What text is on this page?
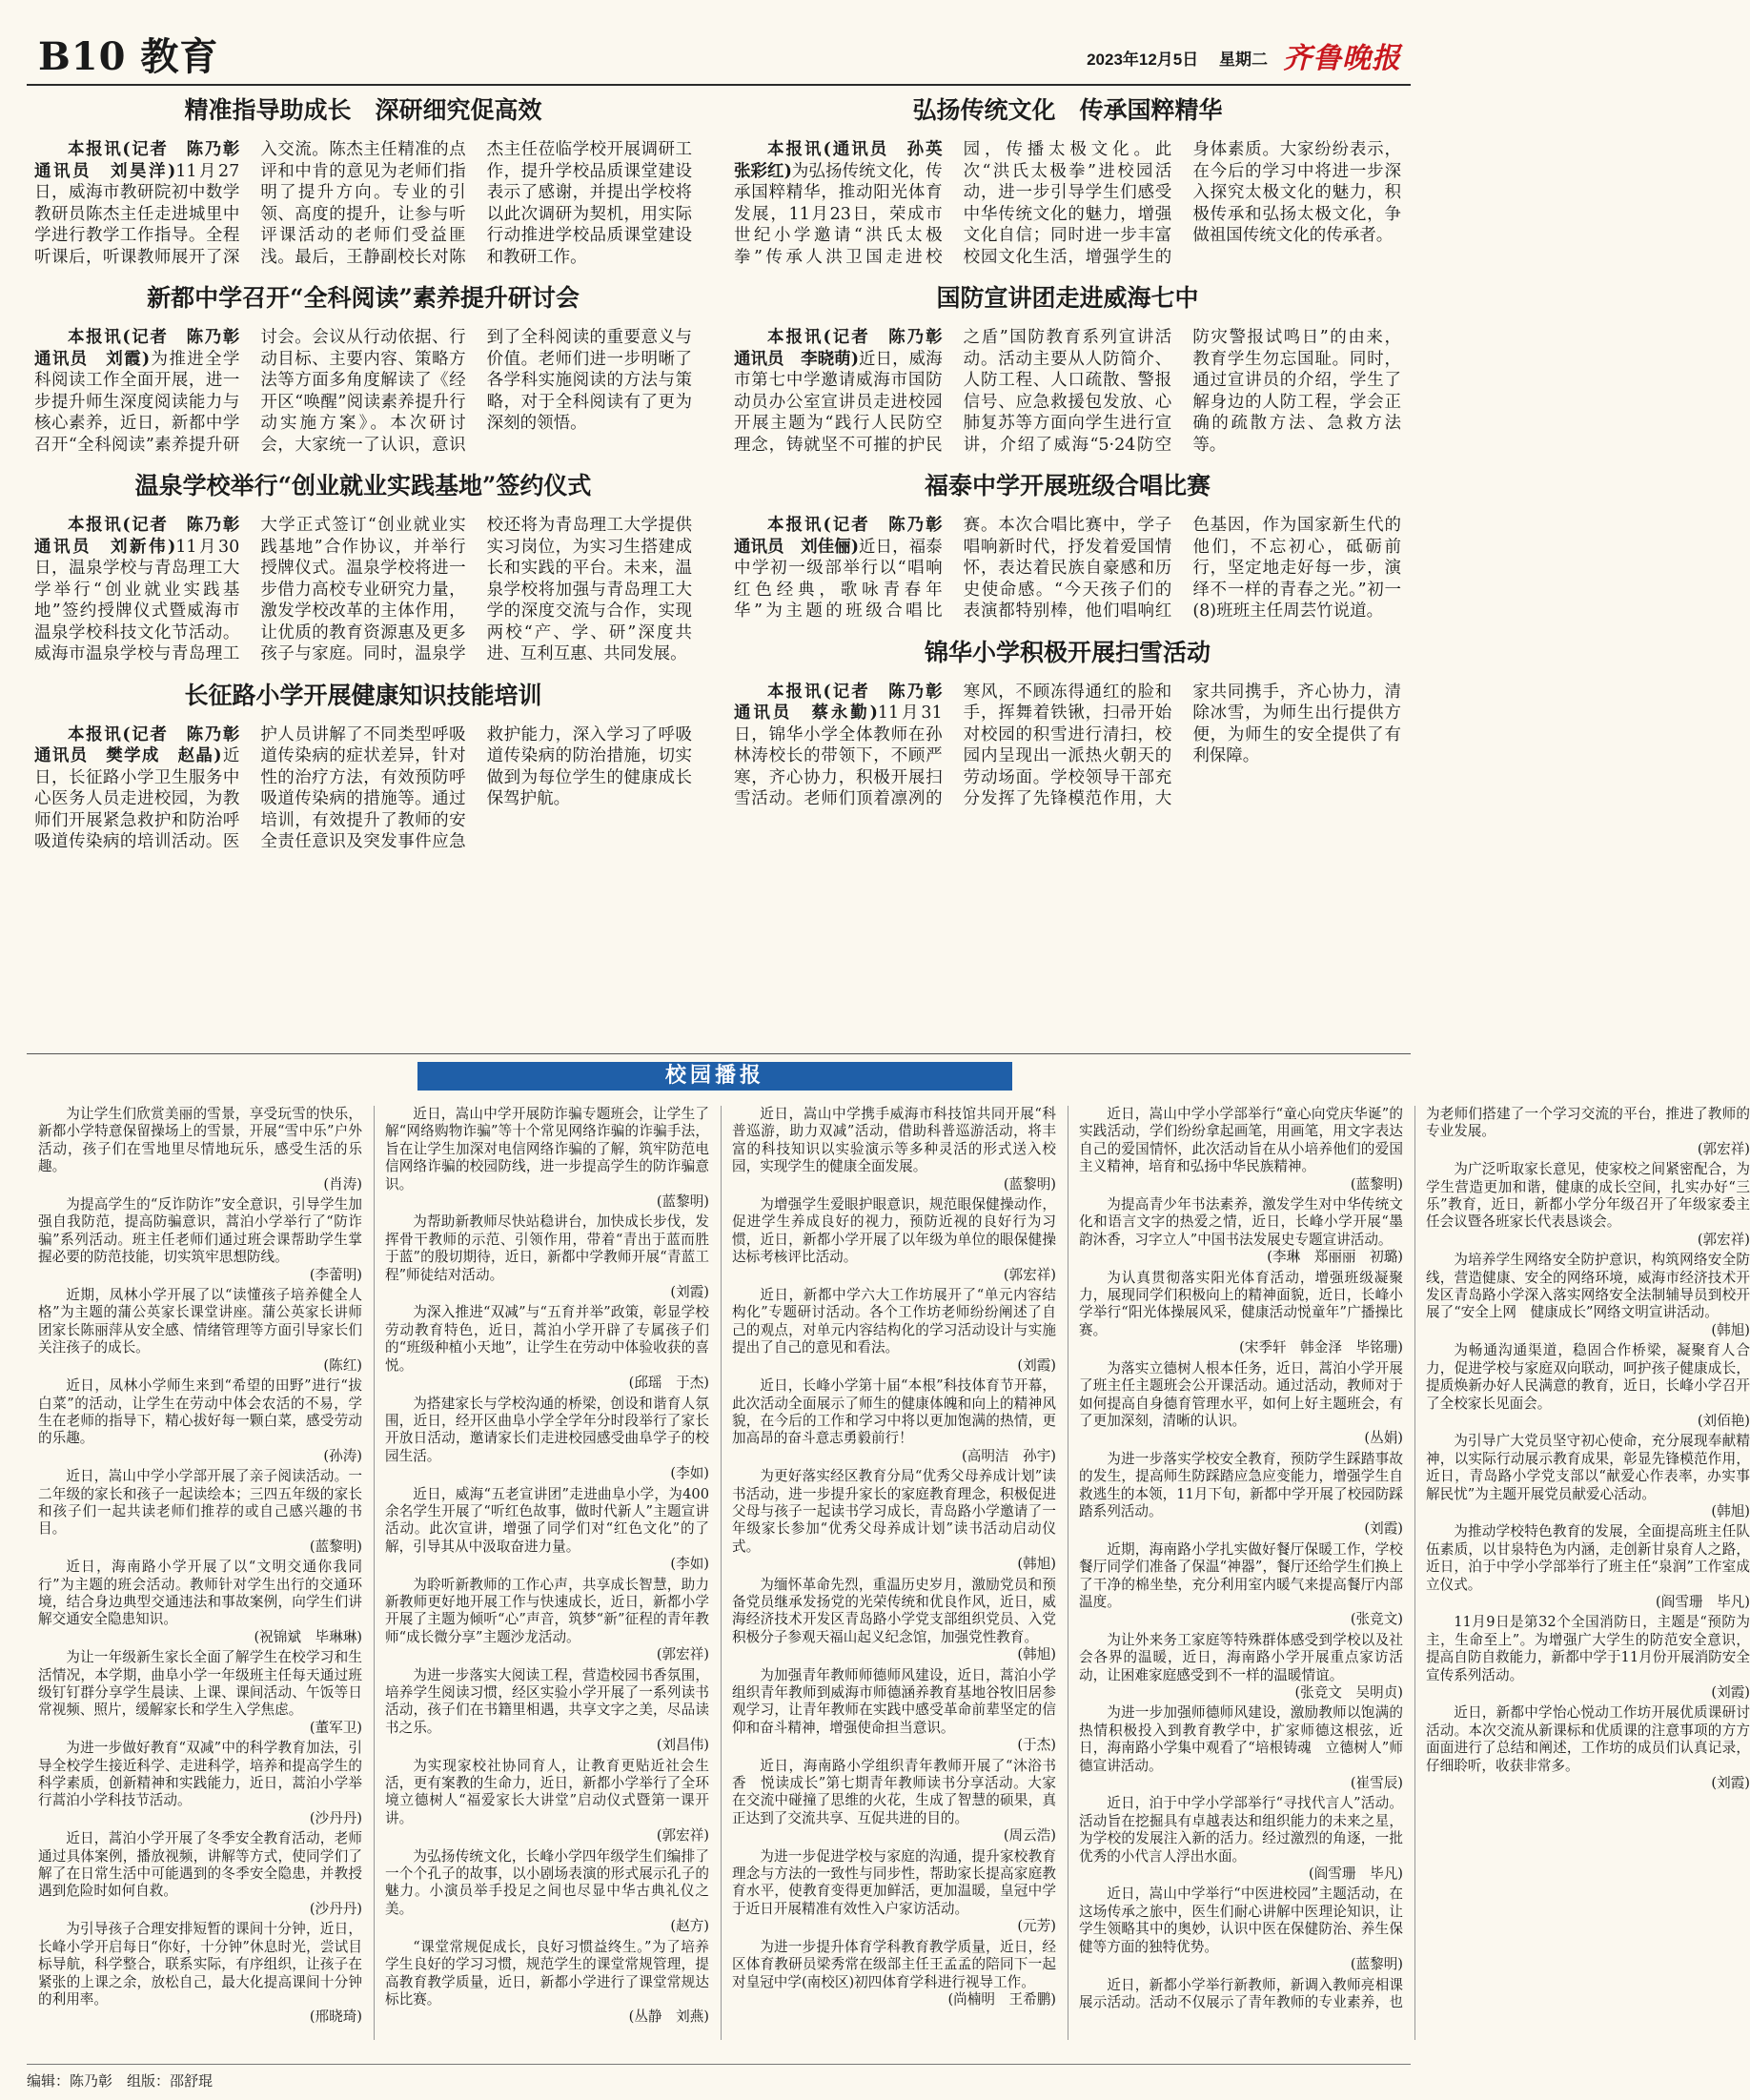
B10 教育	2023年12月5日　 星期二 齐鲁晚报
精准指导助成长　深研细究促高效

本报讯(记者　陈乃彰　通讯员　刘昊洋)11月27日，威海市教研院初中数学教研员陈杰主任走进城里中学进行教学工作指导。全程听课后，听课教师展开了深入交流。陈杰主任精准的点评和中肯的意见为老师们指明了提升方向。专业的引领、高度的提升，让参与听评课活动的老师们受益匪浅。最后，王静副校长对陈杰主任莅临学校开展调研工作，提升学校品质课堂建设表示了感谢，并提出学校将以此次调研为契机，用实际行动推进学校品质课堂建设和教研工作。

新都中学召开“全科阅读”素养提升研讨会

本报讯(记者　陈乃彰　通讯员　刘霞)为推进全学科阅读工作全面开展，进一步提升师生深度阅读能力与核心素养，近日，新都中学召开“全科阅读”素养提升研讨会。会议从行动依据、行动目标、主要内容、策略方法等方面多角度解读了《经开区“唤醒”阅读素养提升行动实施方案》。本次研讨会，大家统一了认识，意识到了全科阅读的重要意义与价值。老师们进一步明晰了各学科实施阅读的方法与策略，对于全科阅读有了更为深刻的领悟。

温泉学校举行“创业就业实践基地”签约仪式

本报讯(记者　陈乃彰　通讯员　刘新伟)11月30日，温泉学校与青岛理工大学举行“创业就业实践基地”签约授牌仪式暨威海市温泉学校科技文化节活动。威海市温泉学校与青岛理工大学正式签订“创业就业实践基地”合作协议，并举行授牌仪式。温泉学校将进一步借力高校专业研究力量，激发学校改革的主体作用，让优质的教育资源惠及更多孩子与家庭。同时，温泉学校还将为青岛理工大学提供实习岗位，为实习生搭建成长和实践的平台。未来，温泉学校将加强与青岛理工大学的深度交流与合作，实现两校“产、学、研”深度共进、互利互惠、共同发展。

长征路小学开展健康知识技能培训

本报讯(记者　陈乃彰　通讯员　樊学成　赵晶)近日，长征路小学卫生服务中心医务人员走进校园，为教师们开展紧急救护和防治呼吸道传染病的培训活动。医护人员讲解了不同类型呼吸道传染病的症状差异，针对性的治疗方法，有效预防呼吸道传染病的措施等。通过培训，有效提升了教师的安全责任意识及突发事件应急救护能力，深入学习了呼吸道传染病的防治措施，切实做到为每位学生的健康成长保驾护航。

弘扬传统文化　传承国粹精华

本报讯(通讯员　孙英　张彩红)为弘扬传统文化，传承国粹精华，推动阳光体育发展，11月23日，荣成市世纪小学邀请“洪氏太极拳”传承人洪卫国走进校园，传播太极文化。此次“洪氏太极拳”进校园活动，进一步引导学生们感受中华传统文化的魅力，增强文化自信；同时进一步丰富校园文化生活，增强学生的身体素质。大家纷纷表示，在今后的学习中将进一步深入探究太极文化的魅力，积极传承和弘扬太极文化，争做祖国传统文化的传承者。

国防宣讲团走进威海七中

本报讯(记者　陈乃彰　通讯员　李晓萌)近日，威海市第七中学邀请威海市国防动员办公室宣讲员走进校园开展主题为“践行人民防空理念，铸就坚不可摧的护民之盾”国防教育系列宣讲活动。活动主要从人防简介、人防工程、人口疏散、警报信号、应急救援包发放、心肺复苏等方面向学生进行宣讲，介绍了威海“5·24防空防灾警报试鸣日”的由来，教育学生勿忘国耻。同时，通过宣讲员的介绍，学生了解身边的人防工程，学会正确的疏散方法、急救方法等。

福泰中学开展班级合唱比赛

本报讯(记者　陈乃彰　通讯员　刘佳俪)近日，福泰中学初一级部举行以“唱响红色经典，歌咏青春年华”为主题的班级合唱比赛。本次合唱比赛中，学子唱响新时代，抒发着爱国情怀，表达着民族自豪感和历史使命感。“今天孩子们的表演都特别棒，他们唱响红色基因，作为国家新生代的他们，不忘初心，砥砺前行，坚定地走好每一步，演绎不一样的青春之光。”初一(8)班班主任周芸竹说道。

锦华小学积极开展扫雪活动

本报讯(记者　陈乃彰　通讯员　蔡永勤)11月31日，锦华小学全体教师在孙林涛校长的带领下，不顾严寒，齐心协力，积极开展扫雪活动。老师们顶着凛冽的寒风，不顾冻得通红的脸和手，挥舞着铁锹，扫帚开始对校园的积雪进行清扫，校园内呈现出一派热火朝天的劳动场面。学校领导干部充分发挥了先锋模范作用，大家共同携手，齐心协力，清除冰雪，为师生出行提供方便，为师生的安全提供了有利保障。

校园播报

为让学生们欣赏美丽的雪景，享受玩雪的快乐，新都小学特意保留操场上的雪景，开展“雪中乐”户外活动，孩子们在雪地里尽情地玩乐，感受生活的乐趣。
(肖涛)

为提高学生的“反诈防诈”安全意识，引导学生加强自我防范，提高防骗意识，蒿泊小学举行了“防诈骗”系列活动。班主任老师们通过班会课帮助学生掌握必要的防范技能，切实筑牢思想防线。
(李蕾明)

近期，凤林小学开展了以“读懂孩子培养健全人格”为主题的蒲公英家长课堂讲座。蒲公英家长讲师团家长陈丽萍从安全感、情绪管理等方面引导家长们关注孩子的成长。
(陈红)

近日，凤林小学师生来到“希望的田野”进行“拔白菜”的活动，让学生在劳动中体会农活的不易，学生在老师的指导下，精心拔好每一颗白菜，感受劳动的乐趣。
(孙涛)

近日，嵩山中学小学部开展了亲子阅读活动。一二年级的家长和孩子一起读绘本；三四五年级的家长和孩子们一起共读老师们推荐的或自己感兴趣的书目。
(蓝黎明)

近日，海南路小学开展了以“文明交通你我同行”为主题的班会活动。教师针对学生出行的交通环境，结合身边典型交通违法和事故案例，向学生们讲解交通安全隐患知识。
(祝锦斌　毕琳琳)

为让一年级新生家长全面了解学生在校学习和生活情况，本学期，曲阜小学一年级班主任每天通过班级钉钉群分享学生晨读、上课、课间活动、午饭等日常视频、照片，缓解家长和学生入学焦虑。
(董军卫)

为进一步做好教育“双减”中的科学教育加法，引导全校学生接近科学、走进科学，培养和提高学生的科学素质，创新精神和实践能力，近日，蒿泊小学举行蒿泊小学科技节活动。
(沙丹丹)

近日，蒿泊小学开展了冬季安全教育活动，老师通过具体案例，播放视频，讲解等方式，使同学们了解了在日常生活中可能遇到的冬季安全隐患，并教授遇到危险时如何自救。
(沙丹丹)

为引导孩子合理安排短暂的课间十分钟，近日，长峰小学开启每日“你好，十分钟”休息时光，尝试目标导航，科学整合，联系实际，有序组织，让孩子在紧张的上课之余，放松自己，最大化提高课间十分钟的利用率。
(邢晓琦)

近日，嵩山中学开展防诈骗专题班会，让学生了解“网络购物诈骗”等十个常见网络诈骗的诈骗手法，旨在让学生加深对电信网络诈骗的了解，筑牢防范电信网络诈骗的校园防线，进一步提高学生的防诈骗意识。
(蓝黎明)

为帮助新教师尽快站稳讲台，加快成长步伐，发挥骨干教师的示范、引领作用，带着“青出于蓝而胜于蓝”的殷切期待，近日，新都中学教师开展“青蓝工程”师徒结对活动。
(刘霞)

为深入推进“双减”与“五育并举”政策，彰显学校劳动教育特色，近日，蒿泊小学开辟了专属孩子们的“班级种植小天地”，让学生在劳动中体验收获的喜悦。
(邱瑶　于杰)

为搭建家长与学校沟通的桥梁，创设和谐育人氛围，近日，经开区曲阜小学全学年分时段举行了家长开放日活动，邀请家长们走进校园感受曲阜学子的校园生活。
(李如)

近日，威海“五老宣讲团”走进曲阜小学，为400余名学生开展了“听红色故事，做时代新人”主题宣讲活动。此次宣讲，增强了同学们对“红色文化”的了解，引导其从中汲取奋进力量。
(李如)

为聆听新教师的工作心声，共享成长智慧，助力新教师更好地开展工作与快速成长，近日，新都小学开展了主题为倾听“心”声音，筑梦“新”征程的青年教师“成长微分享”主题沙龙活动。
(郭宏祥)

为进一步落实大阅读工程，营造校园书香氛围，培养学生阅读习惯，经区实验小学开展了一系列读书活动，孩子们在书籍里相遇，共享文字之美，尽品读书之乐。
(刘昌伟)

为实现家校社协同育人，让教育更贴近社会生活，更有案教的生命力，近日，新都小学举行了全环境立德树人“福爱家长大讲堂”启动仪式暨第一课开讲。
(郭宏祥)

为弘扬传统文化，长峰小学四年级学生们编排了一个个孔子的故事，以小剧场表演的形式展示孔子的魅力。小演员举手投足之间也尽显中华古典礼仪之美。
(赵方)

“课堂常规促成长，良好习惯益终生。”为了培养学生良好的学习习惯，规范学生的课堂常规管理，提高教育教学质量，近日，新都小学进行了课堂常规达标比赛。
(丛静　刘燕)

近日，嵩山中学携手威海市科技馆共同开展“科普巡游，助力双减”活动，借助科普巡游活动，将丰富的科技知识以实验演示等多种灵活的形式送入校园，实现学生的健康全面发展。
(蓝黎明)

为增强学生爱眼护眼意识，规范眼保健操动作，促进学生养成良好的视力，预防近视的良好行为习惯，近日，新都小学开展了以年级为单位的眼保健操达标考核评比活动。
(郭宏祥)

近日，新都中学六大工作坊展开了“单元内容结构化”专题研讨活动。各个工作坊老师纷纷阐述了自己的观点，对单元内容结构化的学习活动设计与实施提出了自己的意见和看法。
(刘霞)

近日，长峰小学第十届“本根”科技体育节开幕，此次活动全面展示了师生的健康体魄和向上的精神风貌，在今后的工作和学习中将以更加饱满的热情，更加高昂的奋斗意志勇毅前行！
(高明洁　孙宇)

为更好落实经区教育分局“优秀父母养成计划”读书活动，进一步提升家长的家庭教育理念，积极促进父母与孩子一起读书学习成长，青岛路小学邀请了一年级家长参加“优秀父母养成计划”读书活动启动仪式。
(韩旭)

为缅怀革命先烈，重温历史岁月，激励党员和预备党员继承发扬党的光荣传统和优良作风，近日，威海经济技术开发区青岛路小学党支部组织党员、入党积极分子参观天福山起义纪念馆，加强党性教育。
(韩旭)

为加强青年教师师德师风建设，近日，蒿泊小学组织青年教师到威海市师德涵养教育基地谷牧旧居参观学习，让青年教师在实践中感受革命前辈坚定的信仰和奋斗精神，增强使命担当意识。
(于杰)

近日，海南路小学组织青年教师开展了“沐浴书香　悦读成长”第七期青年教师读书分享活动。大家在交流中碰撞了思维的火花，生成了智慧的硕果，真正达到了交流共享、互促共进的目的。
(周云浩)

为进一步促进学校与家庭的沟通，提升家校教育理念与方法的一致性与同步性，帮助家长提高家庭教育水平，使教育变得更加鲜活，更加温暖，皇冠中学于近日开展精准有效性入户家访活动。
(元芳)

为进一步提升体育学科教育教学质量，近日，经区体育教研员梁秀常在级部主任王孟孟的陪同下一起对皇冠中学(南校区)初四体育学科进行视导工作。
(尚楠明　王希鹏)

近日，嵩山中学小学部举行“童心向党庆华诞”的实践活动，学们纷纷拿起画笔，用画笔，用文字表达自己的爱国情怀，此次活动旨在从小培养他们的爱国主义精神，培育和弘扬中华民族精神。
(蓝黎明)

为提高青少年书法素养，激发学生对中华传统文化和语言文字的热爱之情，近日，长峰小学开展“墨韵沐香，习字立人”中国书法发展史专题宣讲活动。
(李琳　郑丽丽　初璐)

为认真贯彻落实阳光体育活动，增强班级凝聚力，展现同学们积极向上的精神面貌，近日，长峰小学举行“阳光体操展风采，健康活动悦童年”广播操比赛。
(宋季轩　韩金泽　毕铭珊)

为落实立德树人根本任务，近日，蒿泊小学开展了班主任主题班会公开课活动。通过活动，教师对于如何提高自身德育管理水平，如何上好主题班会，有了更加深刻，清晰的认识。
(丛娟)

为进一步落实学校安全教育，预防学生踩踏事故的发生，提高师生防踩踏应急应变能力，增强学生自救逃生的本领，11月下旬，新都中学开展了校园防踩踏系列活动。
(刘霞)

近期，海南路小学扎实做好餐厅保暖工作，学校餐厅同学们准备了保温“神器”，餐厅还给学生们换上了干净的棉坐垫，充分利用室内暖气来提高餐厅内部温度。
(张竞文)

为让外来务工家庭等特殊群体感受到学校以及社会各界的温暖，近日，海南路小学开展重点家访活动，让困难家庭感受到不一样的温暖情谊。
(张竞文　吴明贞)

为进一步加强师德师风建设，激励教师以饱满的热情积极投入到教育教学中，扩家师德这根弦，近日，海南路小学集中观看了“培根铸魂　立德树人”师德宣讲活动。
(崔雪辰)

近日，泊于中学小学部举行“寻找代言人”活动。活动旨在挖掘具有卓越表达和组织能力的未来之星，为学校的发展注入新的活力。经过激烈的角逐，一批优秀的小代言人浮出水面。
(阎雪珊　毕凡)

近日，嵩山中学举行“中医进校园”主题活动，在这场传承之旅中，医生们耐心讲解中医理论知识，让学生领略其中的奥妙，认识中医在保健防治、养生保健等方面的独特优势。
(蓝黎明)

近日，新都小学举行新教师，新调入教师亮相课展示活动。活动不仅展示了青年教师的专业素养，也为老师们搭建了一个学习交流的平台，推进了教师的专业发展。
(郭宏祥)

为广泛听取家长意见，使家校之间紧密配合，为学生营造更加和谐，健康的成长空间，扎实办好“三乐”教育，近日，新都小学分年级召开了年级家委主任会议暨各班家长代表恳谈会。
(郭宏祥)

为培养学生网络安全防护意识，构筑网络安全防线，营造健康、安全的网络环境，威海市经济技术开发区青岛路小学深入落实网络安全法制辅导员到校开展了“安全上网　健康成长”网络文明宣讲活动。
(韩旭)

为畅通沟通渠道，稳固合作桥梁，凝聚育人合力，促进学校与家庭双向联动，呵护孩子健康成长，提质焕新办好人民满意的教育，近日，长峰小学召开了全校家长见面会。
(刘佰艳)

为引导广大党员坚守初心使命，充分展现奉献精神，以实际行动展示教育成果，彰显先锋模范作用，近日，青岛路小学党支部以“献爱心作表率，办实事解民忧”为主题开展党员献爱心活动。
(韩旭)

为推动学校特色教育的发展，全面提高班主任队伍素质，以甘泉特色为内涵，走创新甘泉育人之路，近日，泊于中学小学部举行了班主任“泉润”工作室成立仪式。
(阎雪珊　毕凡)

11月9日是第32个全国消防日，主题是“预防为主，生命至上”。为增强广大学生的防范安全意识，提高自防自救能力，新都中学于11月份开展消防安全宣传系列活动。
(刘霞)

近日，新都中学怡心悦动工作坊开展优质课研讨活动。本次交流从新课标和优质课的注意事项的方方面面进行了总结和阐述，工作坊的成员们认真记录，仔细聆听，收获非常多。
(刘霞)

编辑：陈乃彰　组版：邵舒琨
